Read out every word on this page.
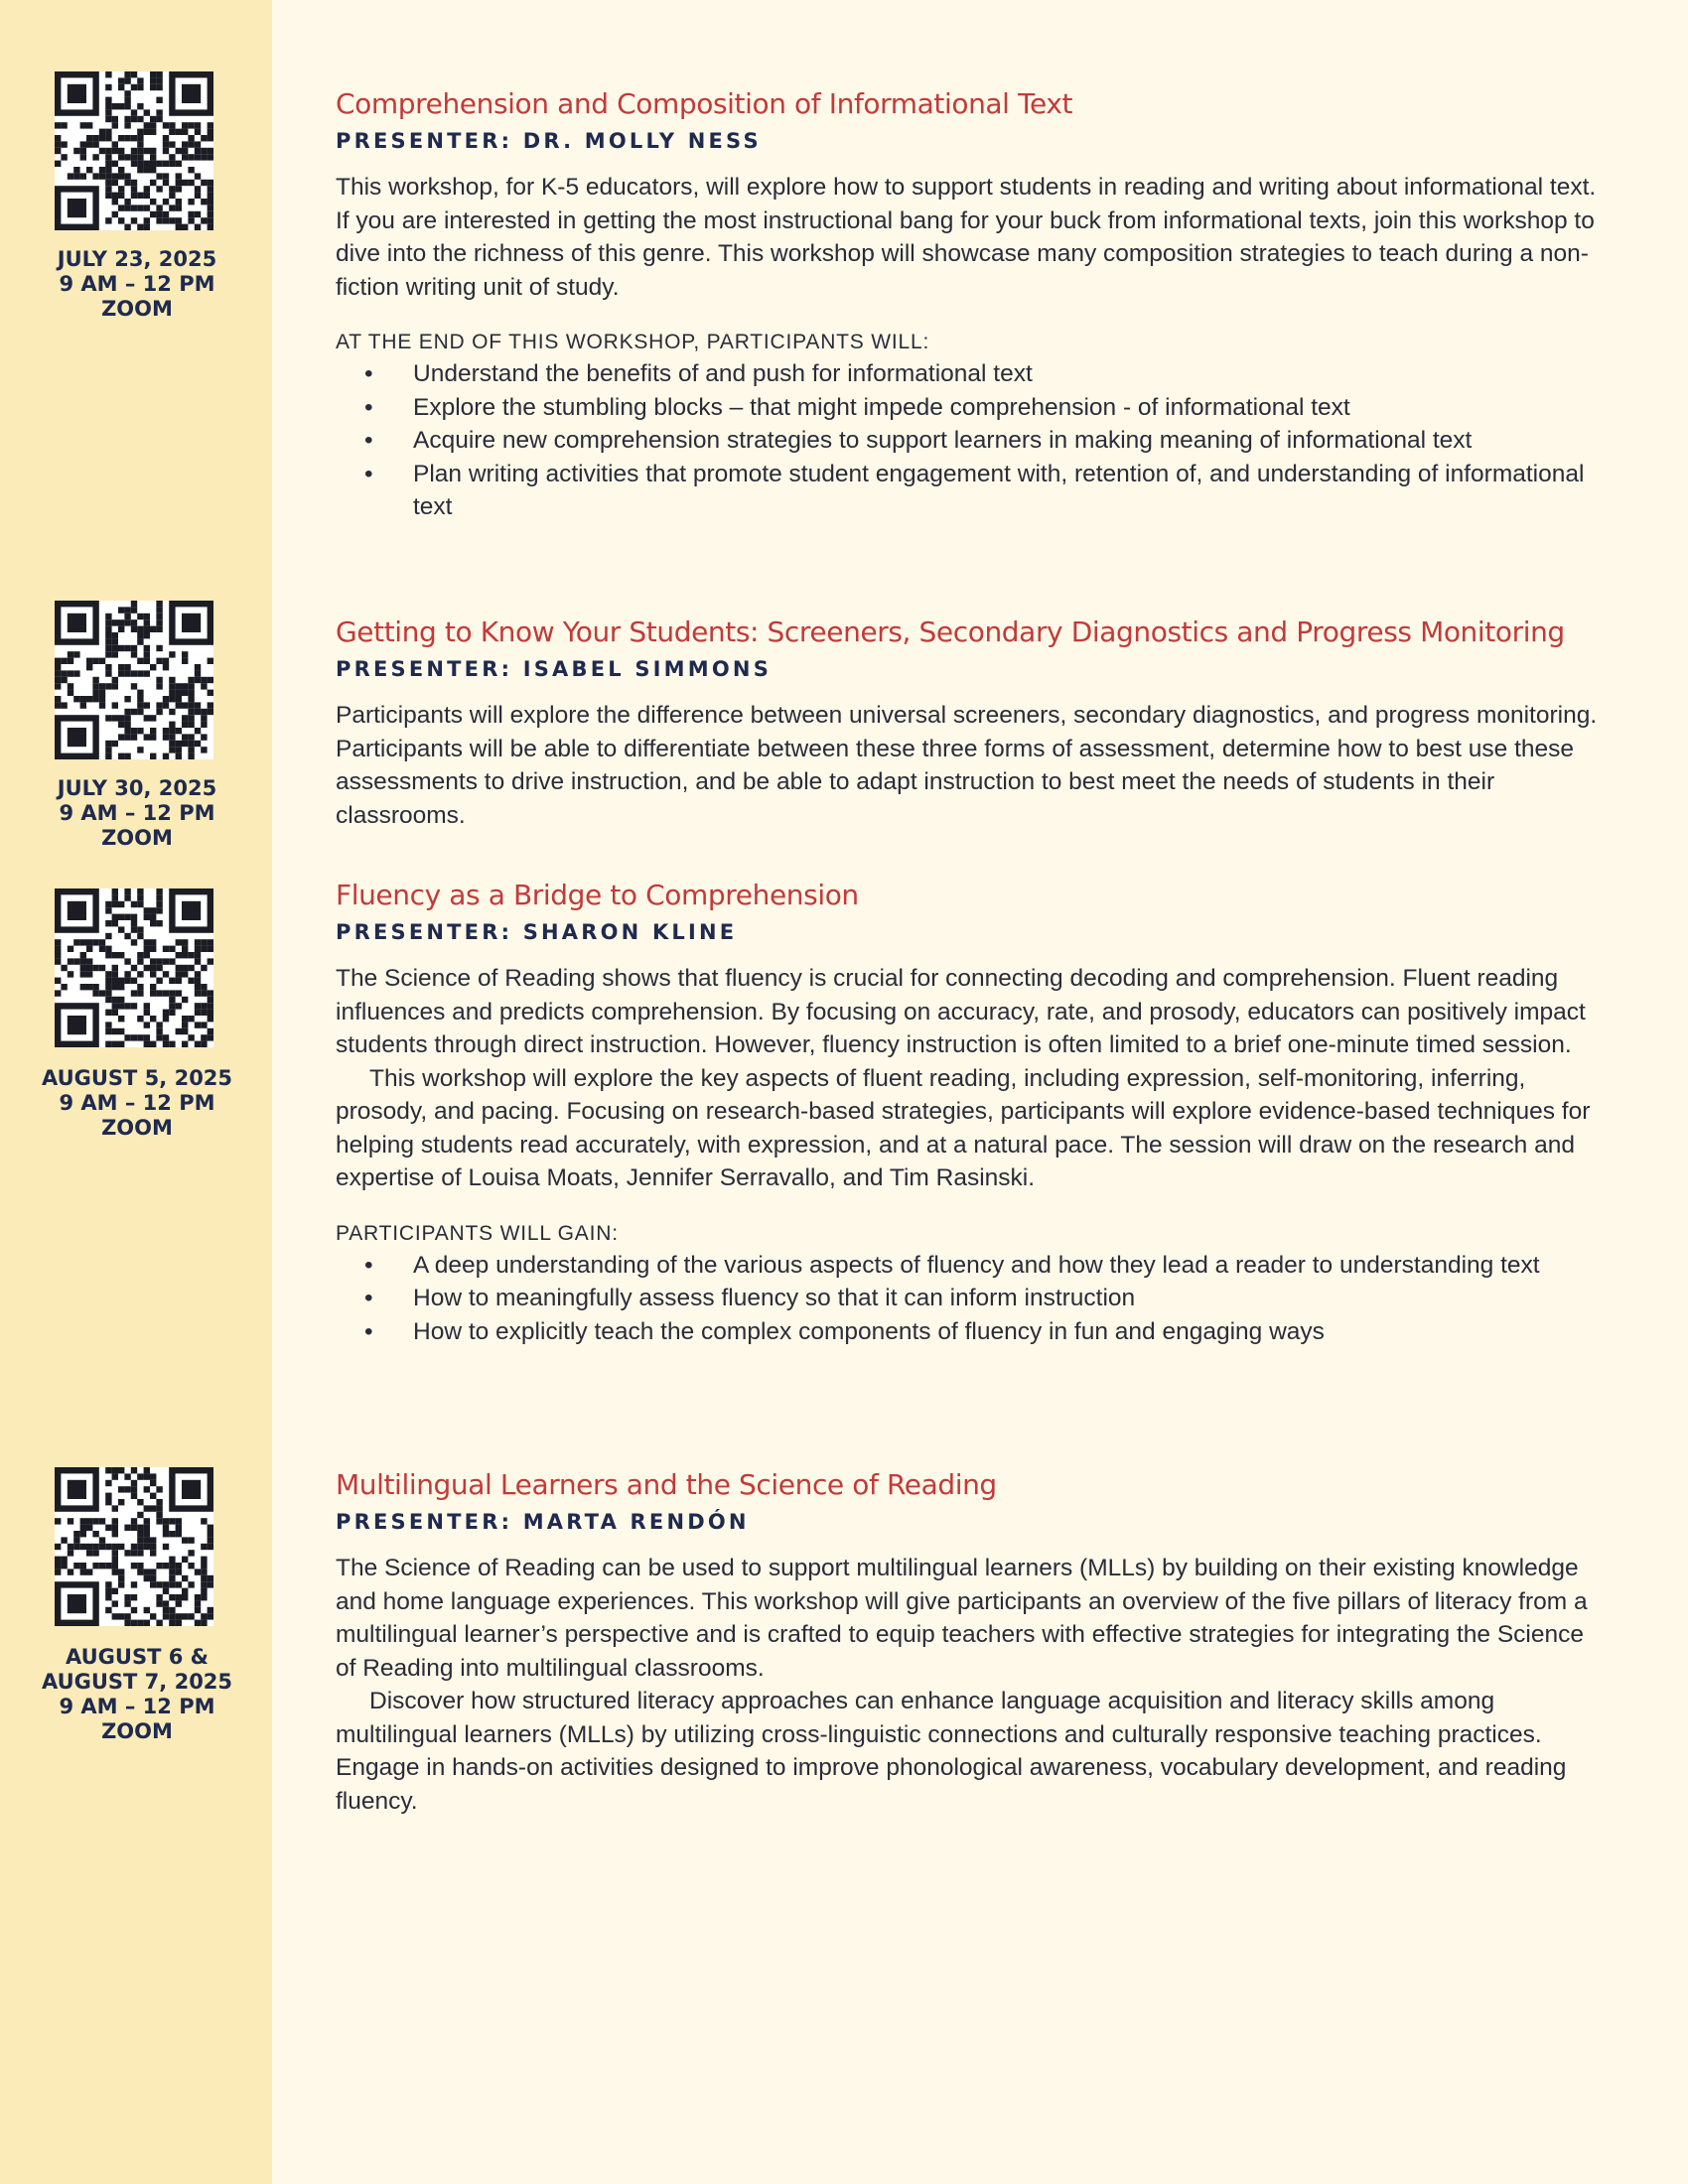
JULY 23, 2025
9 AM – 12 PM
ZOOM
JULY 30, 2025
9 AM – 12 PM
ZOOM
AUGUST 5, 2025
9 AM – 12 PM
ZOOM
AUGUST 6 &
AUGUST 7, 2025
9 AM – 12 PM
ZOOM
Comprehension and Composition of Informational Text
PRESENTER: DR. MOLLY NESS
This workshop, for K-5 educators, will explore how to support students in reading and writing about informational text. If you are interested in getting the most instructional bang for your buck from informational texts, join this workshop to dive into the richness of this genre. This workshop will showcase many composition strategies to teach during a non-fiction writing unit of study.
AT THE END OF THIS WORKSHOP, PARTICIPANTS WILL:
• Understand the benefits of and push for informational text
• Explore the stumbling blocks – that might impede comprehension - of informational text
• Acquire new comprehension strategies to support learners in making meaning of informational text
• Plan writing activities that promote student engagement with, retention of, and understanding of informational text
Getting to Know Your Students: Screeners, Secondary Diagnostics and Progress Monitoring
PRESENTER: ISABEL SIMMONS
Participants will explore the difference between universal screeners, secondary diagnostics, and progress monitoring. Participants will be able to differentiate between these three forms of assessment, determine how to best use these assessments to drive instruction, and be able to adapt instruction to best meet the needs of students in their classrooms.
Fluency as a Bridge to Comprehension
PRESENTER: SHARON KLINE
The Science of Reading shows that fluency is crucial for connecting decoding and comprehension. Fluent reading influences and predicts comprehension. By focusing on accuracy, rate, and prosody, educators can positively impact students through direct instruction. However, fluency instruction is often limited to a brief one-minute timed session.
This workshop will explore the key aspects of fluent reading, including expression, self-monitoring, inferring, prosody, and pacing. Focusing on research-based strategies, participants will explore evidence-based techniques for helping students read accurately, with expression, and at a natural pace. The session will draw on the research and expertise of Louisa Moats, Jennifer Serravallo, and Tim Rasinski.
PARTICIPANTS WILL GAIN:
• A deep understanding of the various aspects of fluency and how they lead a reader to understanding text
• How to meaningfully assess fluency so that it can inform instruction
• How to explicitly teach the complex components of fluency in fun and engaging ways
Multilingual Learners and the Science of Reading
PRESENTER: MARTA RENDÓN
The Science of Reading can be used to support multilingual learners (MLLs) by building on their existing knowledge and home language experiences. This workshop will give participants an overview of the five pillars of literacy from a multilingual learner’s perspective and is crafted to equip teachers with effective strategies for integrating the Science of Reading into multilingual classrooms.
Discover how structured literacy approaches can enhance language acquisition and literacy skills among multilingual learners (MLLs) by utilizing cross-linguistic connections and culturally responsive teaching practices. Engage in hands-on activities designed to improve phonological awareness, vocabulary development, and reading fluency.
